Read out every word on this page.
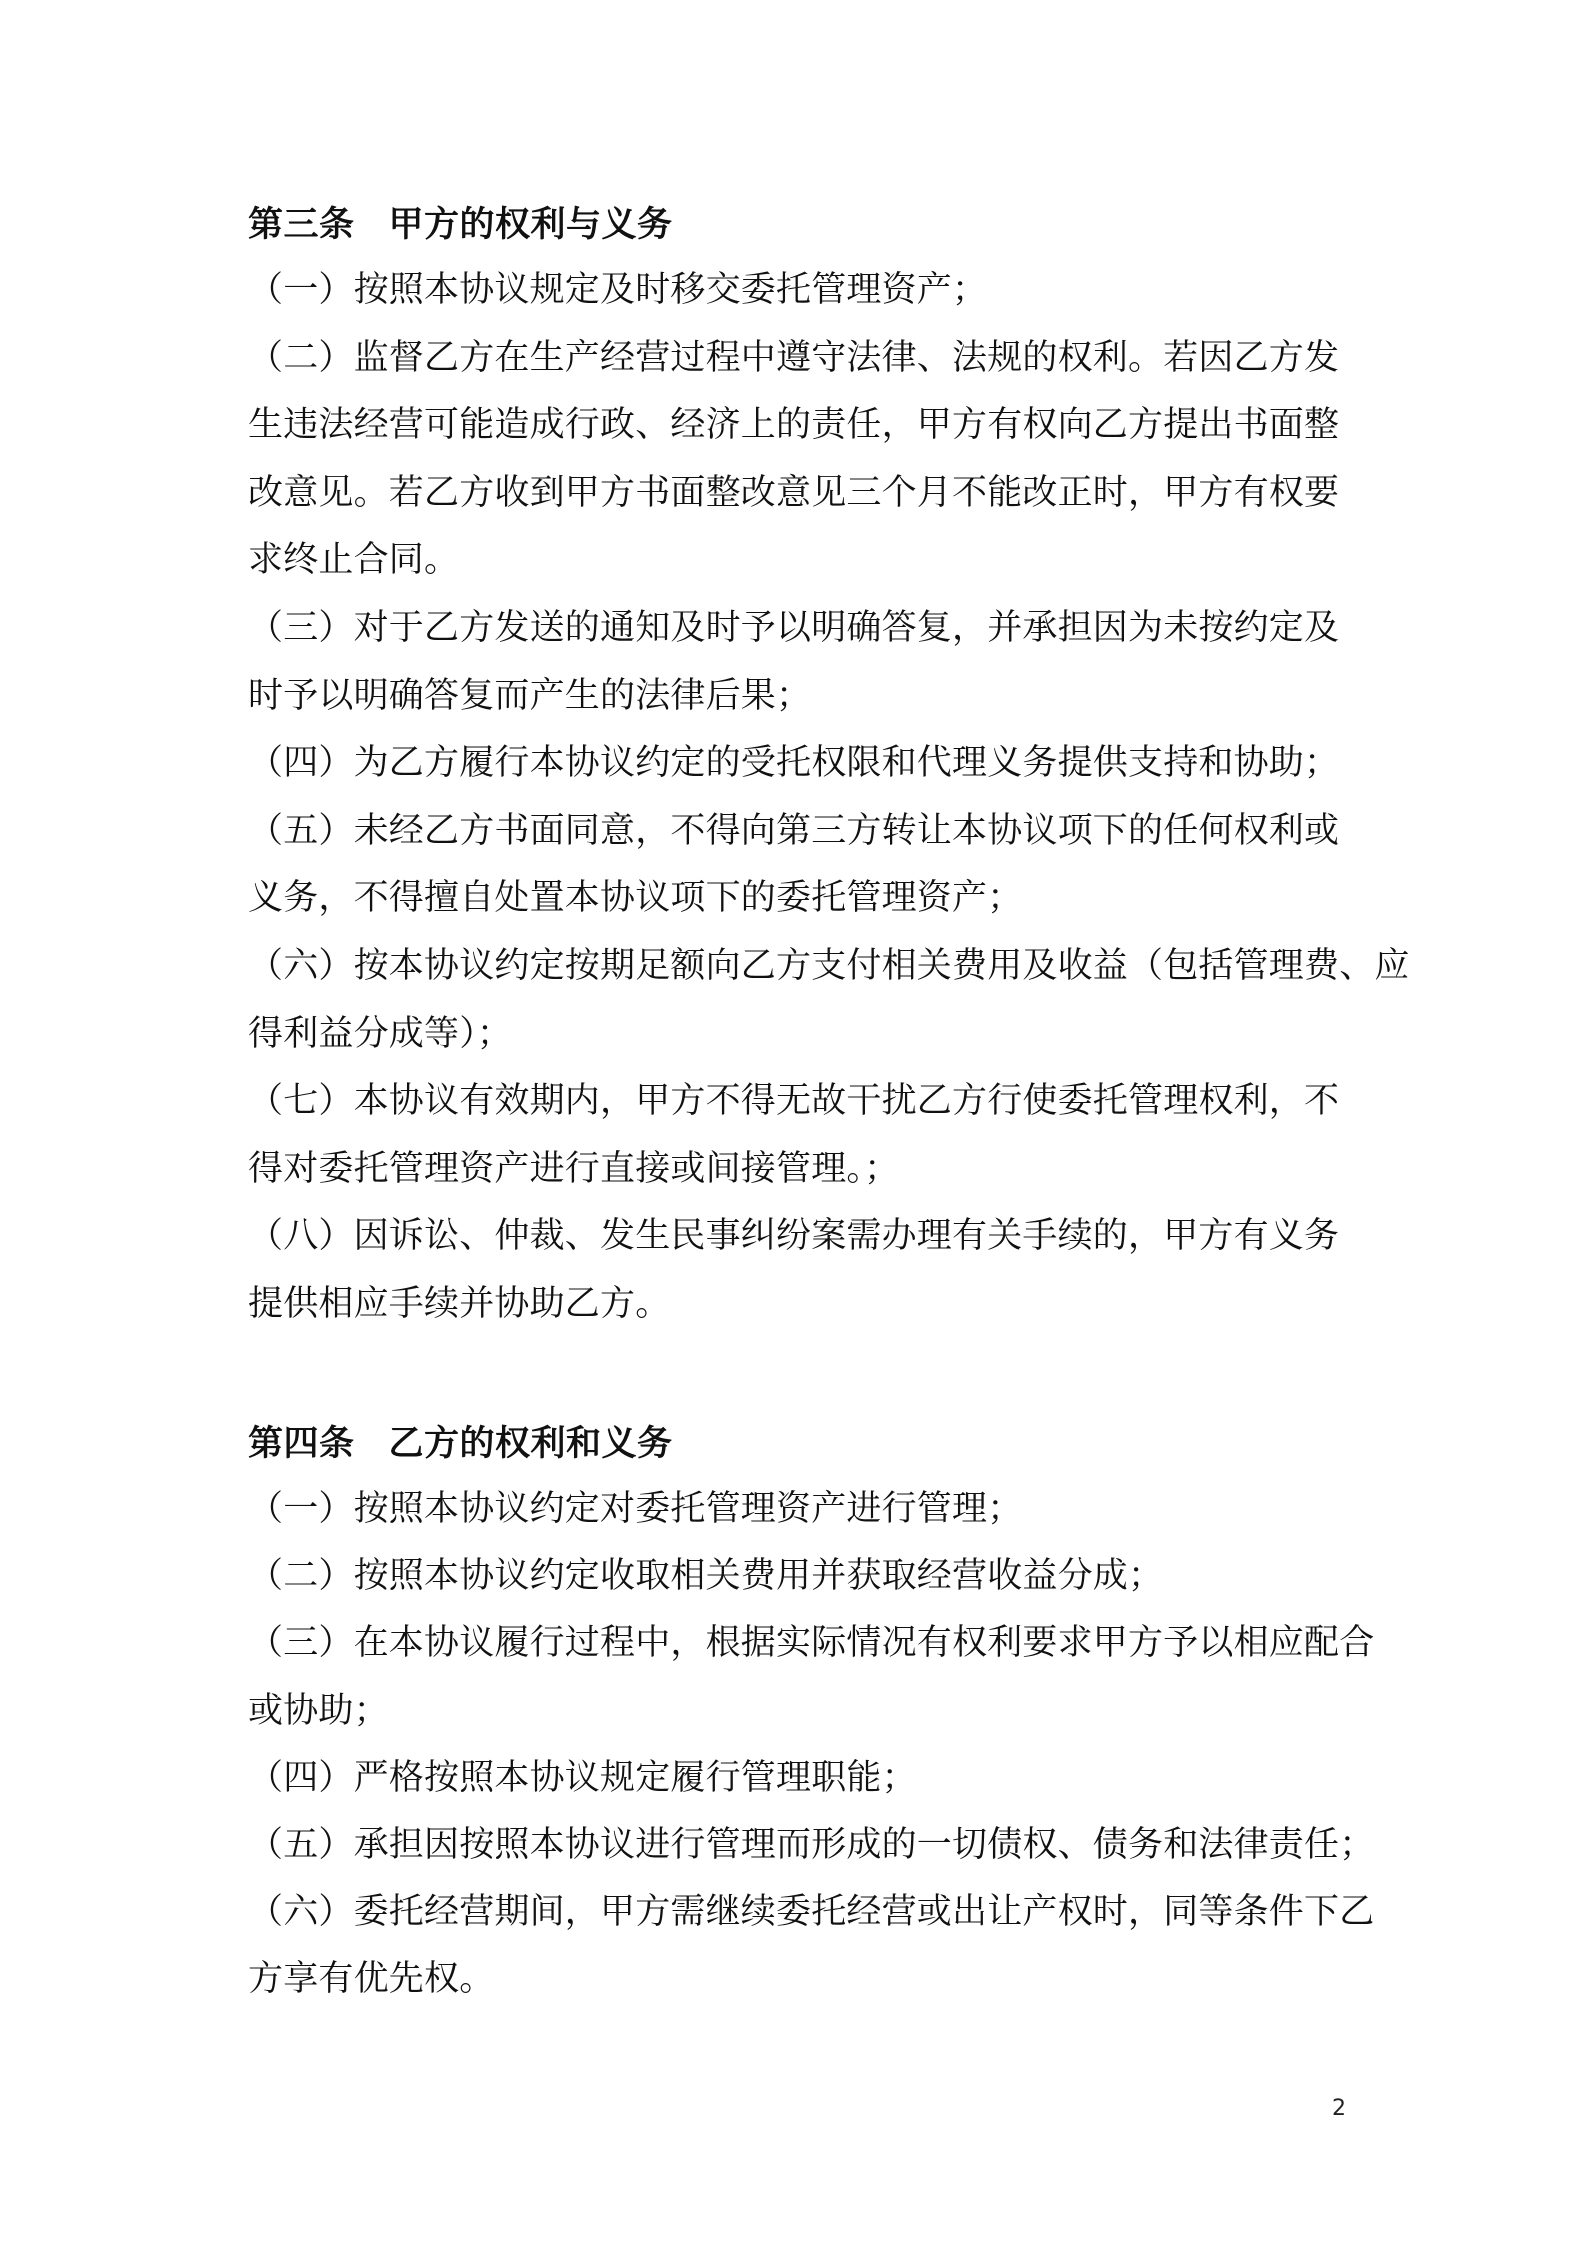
第三条 甲方的权利与义务
（一）按照本协议规定及时移交委托管理资产；
（二）监督乙方在生产经营过程中遵守法律、法规的权利。若因乙方发
生违法经营可能造成行政、经济上的责任，甲方有权向乙方提出书面整
改意见。若乙方收到甲方书面整改意见三个月不能改正时，甲方有权要
求终止合同。
（三）对于乙方发送的通知及时予以明确答复，并承担因为未按约定及
时予以明确答复而产生的法律后果；
（四）为乙方履行本协议约定的受托权限和代理义务提供支持和协助；
（五）未经乙方书面同意，不得向第三方转让本协议项下的任何权利或
义务，不得擅自处置本协议项下的委托管理资产；
（六）按本协议约定按期足额向乙方支付相关费用及收益（包括管理费、应
得利益分成等）；
（七）本协议有效期内，甲方不得无故干扰乙方行使委托管理权利，不
得对委托管理资产进行直接或间接管理。；
（八）因诉讼、仲裁、发生民事纠纷案需办理有关手续的，甲方有义务
提供相应手续并协助乙方。
第四条 乙方的权利和义务
（一）按照本协议约定对委托管理资产进行管理；
（二）按照本协议约定收取相关费用并获取经营收益分成；
（三）在本协议履行过程中，根据实际情况有权利要求甲方予以相应配合
或协助；
（四）严格按照本协议规定履行管理职能；
（五）承担因按照本协议进行管理而形成的一切债权、债务和法律责任；
（六）委托经营期间，甲方需继续委托经营或出让产权时，同等条件下乙
方享有优先权。
2
